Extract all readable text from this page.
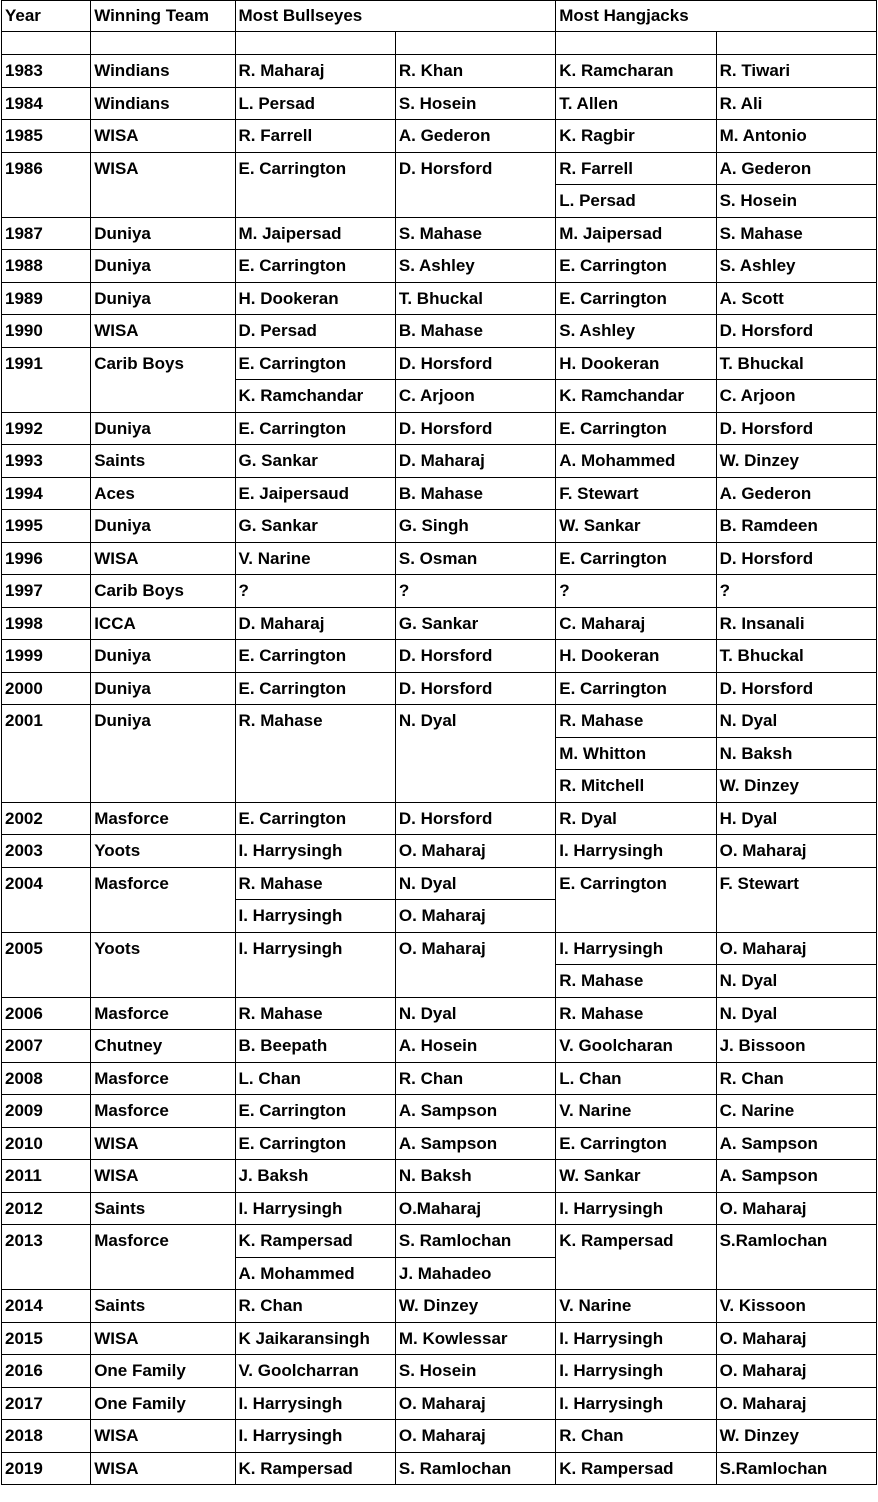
Year	Winning Team	Most Bullseyes		Most Hangjacks	

1983	Windians	R. Maharaj	R. Khan	K. Ramcharan	R. Tiwari
1984	Windians	L. Persad	S. Hosein	T. Allen	R. Ali
1985	WISA	R. Farrell	A. Gederon	K. Ragbir	M. Antonio
1986	WISA	E. Carrington	D. Horsford	R. Farrell	A. Gederon
				L. Persad	S. Hosein
1987	Duniya	M. Jaipersad	S. Mahase	M. Jaipersad	S. Mahase
1988	Duniya	E. Carrington	S. Ashley	E. Carrington	S. Ashley
1989	Duniya	H. Dookeran	T. Bhuckal	E. Carrington	A. Scott
1990	WISA	D. Persad	B. Mahase	S. Ashley	D. Horsford
1991	Carib Boys	E. Carrington	D. Horsford	H. Dookeran	T. Bhuckal
		K. Ramchandar	C. Arjoon	K. Ramchandar	C. Arjoon
1992	Duniya	E. Carrington	D. Horsford	E. Carrington	D. Horsford
1993	Saints	G. Sankar	D. Maharaj	A. Mohammed	W. Dinzey
1994	Aces	E. Jaipersaud	B. Mahase	F. Stewart	A. Gederon
1995	Duniya	G. Sankar	G. Singh	W. Sankar	B. Ramdeen
1996	WISA	V. Narine	S. Osman	E. Carrington	D. Horsford
1997	Carib Boys	?	?	?	?
1998	ICCA	D. Maharaj	G. Sankar	C. Maharaj	R. Insanali
1999	Duniya	E. Carrington	D. Horsford	H. Dookeran	T. Bhuckal
2000	Duniya	E. Carrington	D. Horsford	E. Carrington	D. Horsford
2001	Duniya	R. Mahase	N. Dyal	R. Mahase	N. Dyal
				M. Whitton	N. Baksh
				R. Mitchell	W. Dinzey
2002	Masforce	E. Carrington	D. Horsford	R. Dyal	H. Dyal
2003	Yoots	I. Harrysingh	O. Maharaj	I. Harrysingh	O. Maharaj
2004	Masforce	R. Mahase	N. Dyal	E. Carrington	F. Stewart
		I. Harrysingh	O. Maharaj		
2005	Yoots	I. Harrysingh	O. Maharaj	I. Harrysingh	O. Maharaj
				R. Mahase	N. Dyal
2006	Masforce	R. Mahase	N. Dyal	R. Mahase	N. Dyal
2007	Chutney	B. Beepath	A. Hosein	V. Goolcharan	J. Bissoon
2008	Masforce	L. Chan	R. Chan	L. Chan	R. Chan
2009	Masforce	E. Carrington	A. Sampson	V. Narine	C. Narine
2010	WISA	E. Carrington	A. Sampson	E. Carrington	A. Sampson
2011	WISA	J. Baksh	N. Baksh	W. Sankar	A. Sampson
2012	Saints	I. Harrysingh	O.Maharaj	I. Harrysingh	O. Maharaj
2013	Masforce	K. Rampersad	S. Ramlochan	K. Rampersad	S.Ramlochan
		A. Mohammed	J. Mahadeo		
2014	Saints	R. Chan	W. Dinzey	V. Narine	V. Kissoon
2015	WISA	K Jaikaransingh	M. Kowlessar	I. Harrysingh	O. Maharaj
2016	One Family	V. Goolcharran	S. Hosein	I. Harrysingh	O. Maharaj
2017	One Family	I. Harrysingh	O. Maharaj	I. Harrysingh	O. Maharaj
2018	WISA	I. Harrysingh	O. Maharaj	R. Chan	W. Dinzey
2019	WISA	K. Rampersad	S. Ramlochan	K. Rampersad	S.Ramlochan
